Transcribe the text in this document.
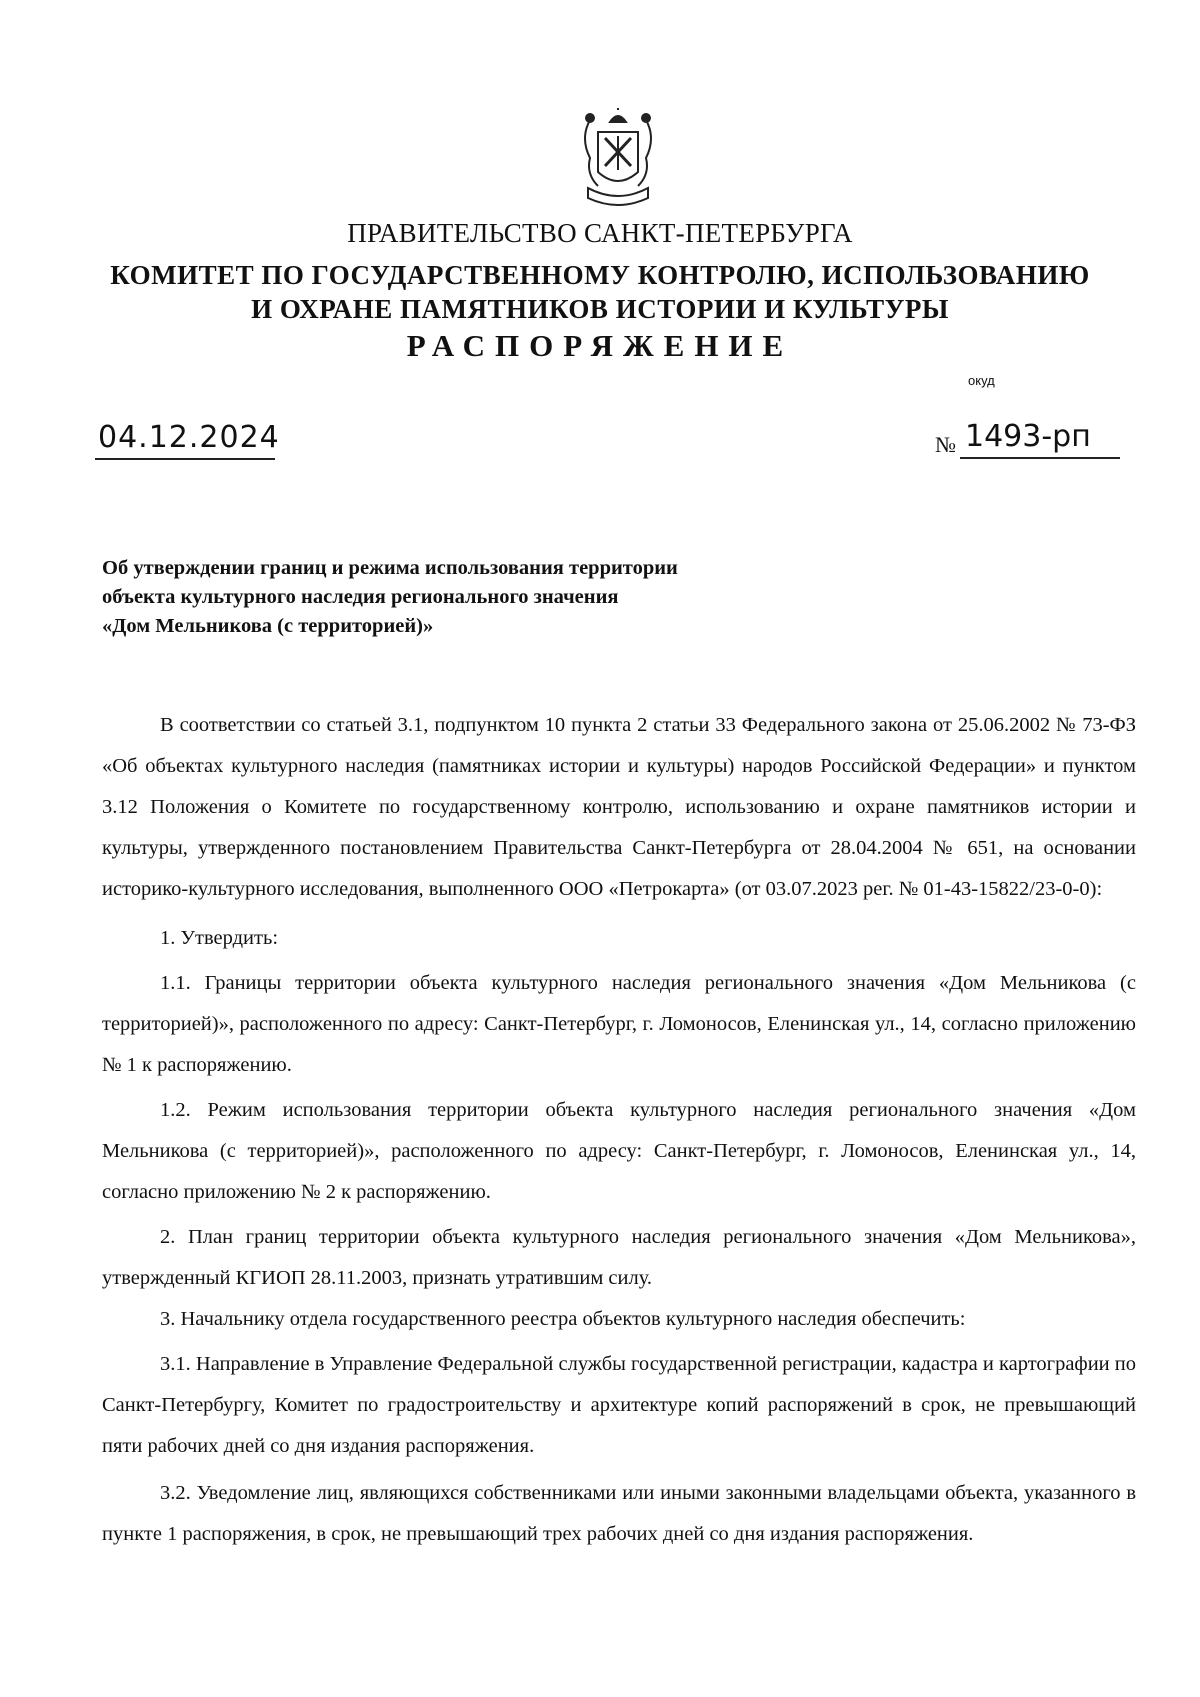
ПРАВИТЕЛЬСТВО САНКТ-ПЕТЕРБУРГА
КОМИТЕТ ПО ГОСУДАРСТВЕННОМУ КОНТРОЛЮ, ИСПОЛЬЗОВАНИЮ
И ОХРАНЕ ПАМЯТНИКОВ ИСТОРИИ И КУЛЬТУРЫ
РАСПОРЯЖЕНИЕ
окуд
04.12.2024	№ 1493-рп
Об утверждении границ и режима использования территории
объекта культурного наследия регионального значения
«Дом Мельникова (с территорией)»

В соответствии со статьей 3.1, подпунктом 10 пункта 2 статьи 33 Федерального закона от 25.06.2002 № 73-ФЗ «Об объектах культурного наследия (памятниках истории и культуры) народов Российской Федерации» и пунктом 3.12 Положения о Комитете по государственному контролю, использованию и охране памятников истории и культуры, утвержденного постановлением Правительства Санкт-Петербурга от 28.04.2004 № 651, на основании историко-культурного исследования, выполненного ООО «Петрокарта» (от 03.07.2023 рег. № 01-43-15822/23-0-0):

1. Утвердить:

1.1. Границы территории объекта культурного наследия регионального значения «Дом Мельникова (с территорией)», расположенного по адресу: Санкт-Петербург, г. Ломоносов, Еленинская ул., 14, согласно приложению № 1 к распоряжению.

1.2. Режим использования территории объекта культурного наследия регионального значения «Дом Мельникова (с территорией)», расположенного по адресу: Санкт-Петербург, г. Ломоносов, Еленинская ул., 14, согласно приложению № 2 к распоряжению.

2. План границ территории объекта культурного наследия регионального значения «Дом Мельникова», утвержденный КГИОП 28.11.2003, признать утратившим силу.

3. Начальнику отдела государственного реестра объектов культурного наследия обеспечить:

3.1. Направление в Управление Федеральной службы государственной регистрации, кадастра и картографии по Санкт-Петербургу, Комитет по градостроительству и архитектуре копий распоряжений в срок, не превышающий пяти рабочих дней со дня издания распоряжения.

3.2. Уведомление лиц, являющихся собственниками или иными законными владельцами объекта, указанного в пункте 1 распоряжения, в срок, не превышающий трех рабочих дней со дня издания распоряжения.
